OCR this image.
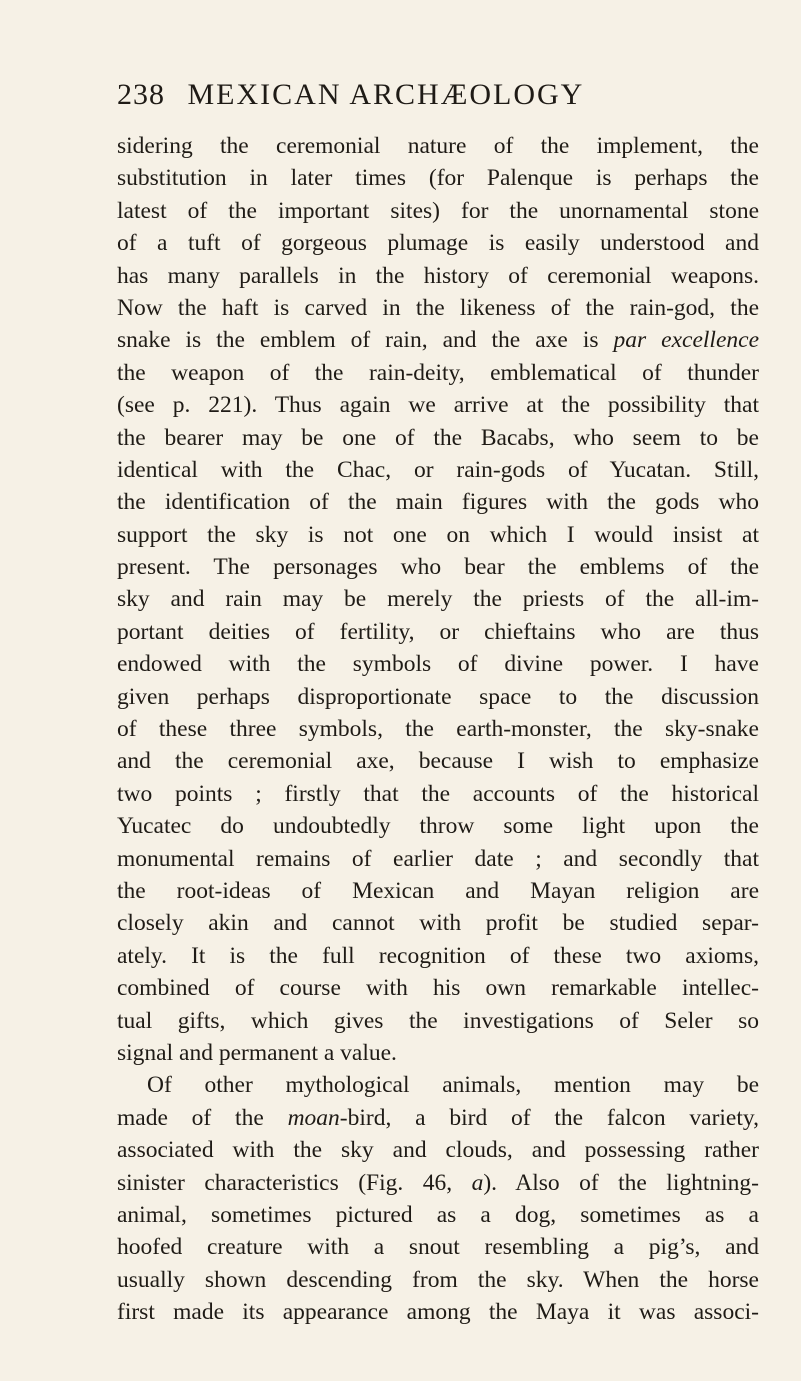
238 MEXICAN ARCHÆOLOGY
sidering the ceremonial nature of the implement, the
substitution in later times (for Palenque is perhaps the
latest of the important sites) for the unornamental stone
of a tuft of gorgeous plumage is easily understood and
has many parallels in the history of ceremonial weapons.
Now the haft is carved in the likeness of the rain-god, the
snake is the emblem of rain, and the axe is par excellence
the weapon of the rain-deity, emblematical of thunder
(see p. 221). Thus again we arrive at the possibility that
the bearer may be one of the Bacabs, who seem to be
identical with the Chac, or rain-gods of Yucatan. Still,
the identification of the main figures with the gods who
support the sky is not one on which I would insist at
present. The personages who bear the emblems of the
sky and rain may be merely the priests of the all-im-
portant deities of fertility, or chieftains who are thus
endowed with the symbols of divine power. I have
given perhaps disproportionate space to the discussion
of these three symbols, the earth-monster, the sky-snake
and the ceremonial axe, because I wish to emphasize
two points ; firstly that the accounts of the historical
Yucatec do undoubtedly throw some light upon the
monumental remains of earlier date ; and secondly that
the root-ideas of Mexican and Mayan religion are
closely akin and cannot with profit be studied separ-
ately. It is the full recognition of these two axioms,
combined of course with his own remarkable intellec-
tual gifts, which gives the investigations of Seler so
signal and permanent a value.
Of other mythological animals, mention may be
made of the moan-bird, a bird of the falcon variety,
associated with the sky and clouds, and possessing rather
sinister characteristics (Fig. 46, a). Also of the lightning-
animal, sometimes pictured as a dog, sometimes as a
hoofed creature with a snout resembling a pig’s, and
usually shown descending from the sky. When the horse
first made its appearance among the Maya it was associ-
